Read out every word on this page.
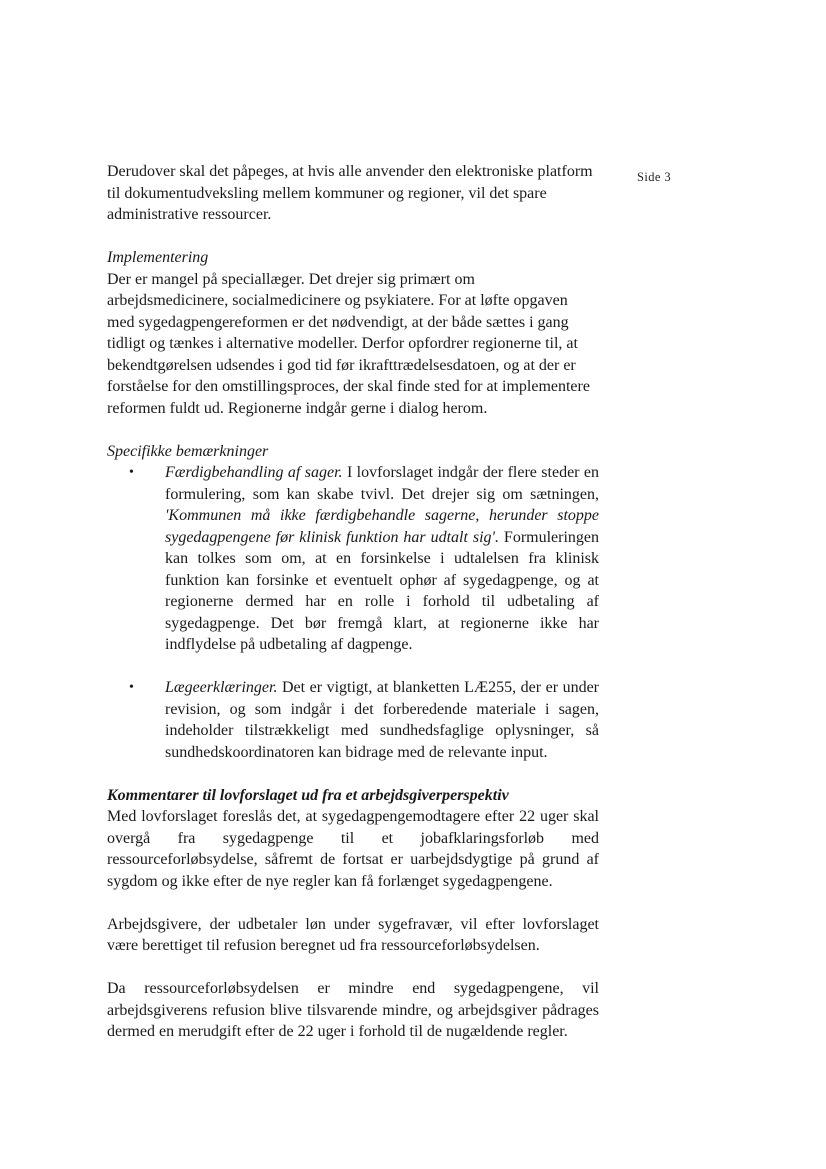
Side 3

Derudover skal det påpeges, at hvis alle anvender den elektroniske platform til dokumentudveksling mellem kommuner og regioner, vil det spare administrative ressourcer.

Implementering

Der er mangel på speciallæger. Det drejer sig primært om arbejdsmedicinere, socialmedicinere og psykiatere. For at løfte opgaven med sygedagpengereformen er det nødvendigt, at der både sættes i gang tidligt og tænkes i alternative modeller. Derfor opfordrer regionerne til, at bekendtgørelsen udsendes i god tid før ikrafttrædelsesdatoen, og at der er forståelse for den omstillingsproces, der skal finde sted for at implementere reformen fuldt ud. Regionerne indgår gerne i dialog herom.

Specifikke bemærkninger

• Færdigbehandling af sager. I lovforslaget indgår der flere steder en formulering, som kan skabe tvivl. Det drejer sig om sætningen, 'Kommunen må ikke færdigbehandle sagerne, herunder stoppe sygedagpengene før klinisk funktion har udtalt sig'. Formuleringen kan tolkes som om, at en forsinkelse i udtalelsen fra klinisk funktion kan forsinke et eventuelt ophør af sygedagpenge, og at regionerne dermed har en rolle i forhold til udbetaling af sygedagpenge. Det bør fremgå klart, at regionerne ikke har indflydelse på udbetaling af dagpenge.
• Lægeerklæringer. Det er vigtigt, at blanketten LÆ255, der er under revision, og som indgår i det forberedende materiale i sagen, indeholder tilstrækkeligt med sundhedsfaglige oplysninger, så sundhedskoordinatoren kan bidrage med de relevante input.

Kommentarer til lovforslaget ud fra et arbejdsgiverperspektiv

Med lovforslaget foreslås det, at sygedagpengemodtagere efter 22 uger skal overgå fra sygedagpenge til et jobafklaringsforløb med ressourceforløbsydelse, såfremt de fortsat er uarbejdsdygtige på grund af sygdom og ikke efter de nye regler kan få forlænget sygedagpengene.

Arbejdsgivere, der udbetaler løn under sygefravær, vil efter lovforslaget være berettiget til refusion beregnet ud fra ressourceforløbsydelsen.

Da ressourceforløbsydelsen er mindre end sygedagpengene, vil arbejdsgiverens refusion blive tilsvarende mindre, og arbejdsgiver pådrages dermed en merudgift efter de 22 uger i forhold til de nugældende regler.
